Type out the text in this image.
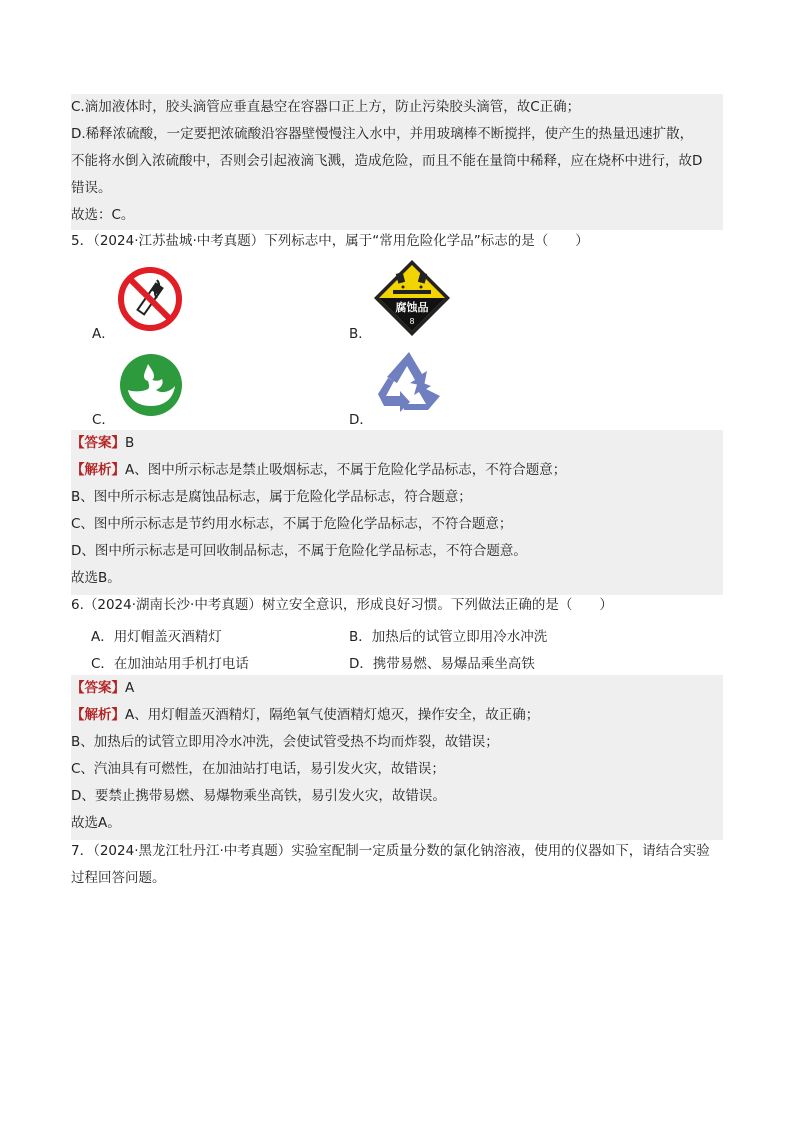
C.滴加液体时，胶头滴管应垂直悬空在容器口正上方，防止污染胶头滴管，故C正确；
D.稀释浓硫酸，一定要把浓硫酸沿容器壁慢慢注入水中，并用玻璃棒不断搅拌，使产生的热量迅速扩散，
不能将水倒入浓硫酸中，否则会引起液滴飞溅，造成危险，而且不能在量筒中稀释，应在烧杯中进行，故D
错误。
故选：C。
5．（2024·江苏盐城·中考真题）下列标志中，属于“常用危险化学品”标志的是（　　）
A．
腐蚀品
8
B．
C．	D．
【答案】B
【解析】A、图中所示标志是禁止吸烟标志，不属于危险化学品标志，不符合题意；
B、图中所示标志是腐蚀品标志，属于危险化学品标志，符合题意；
C、图中所示标志是节约用水标志，不属于危险化学品标志，不符合题意；
D、图中所示标志是可回收制品标志，不属于危险化学品标志，不符合题意。
故选B。
6.（2024·湖南长沙·中考真题）树立安全意识，形成良好习惯。下列做法正确的是（　　）
A．用灯帽盖灭酒精灯	B．加热后的试管立即用冷水冲洗
C．在加油站用手机打电话	D．携带易燃、易爆品乘坐高铁
【答案】A
【解析】A、用灯帽盖灭酒精灯，隔绝氧气使酒精灯熄灭，操作安全，故正确；
B、加热后的试管立即用冷水冲洗，会使试管受热不均而炸裂，故错误；
C、汽油具有可燃性，在加油站打电话，易引发火灾，故错误；
D、要禁止携带易燃、易爆物乘坐高铁，易引发火灾，故错误。
故选A。
7．（2024·黑龙江牡丹江·中考真题）实验室配制一定质量分数的氯化钠溶液，使用的仪器如下，请结合实验
过程回答问题。
